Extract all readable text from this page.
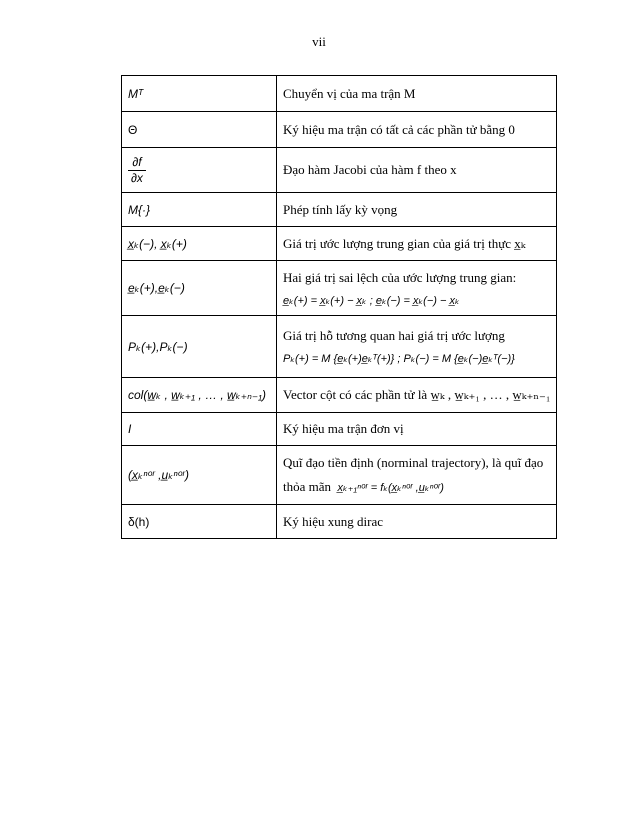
vii
Mᵀ	Chuyển vị của ma trận M
Θ	Ký hiệu ma trận có tất cả các phần tử bằng 0

$\frac{\partial f}{\partial x}$	Đạo hàm Jacobi của hàm f theo x
M{·}	Phép tính lấy kỳ vọng
x̲ₖ(−), x̲ₖ(+)	Giá trị ước lượng trung gian của giá trị thực x̲ₖ
e̲ₖ(+),e̲ₖ(−)	Hai giá trị sai lệch của ước lượng trung gian:
e̲ₖ(+) = x̲ₖ(+) − x̲ₖ ; e̲ₖ(−) = x̲ₖ(−) − x̲ₖ

Pₖ(+),Pₖ(−)	Giá trị hỗ tương quan hai giá trị ước lượng
Pₖ(+) = M {e̲ₖ(+)e̲ₖᵀ(+)} ; Pₖ(−) = M {e̲ₖ(−)e̲ₖᵀ(−)}

col(w̲ₖ , w̲ₖ₊₁ , … , w̲ₖ₊ₙ₋₁)	Vector cột có các phần tử là w̲ₖ , w̲ₖ₊₁ , … , w̲ₖ₊ₙ₋₁
I	Ký hiệu ma trận đơn vị
(x̲ₖⁿᵒʳ ,u̲ₖⁿᵒʳ)	Quĩ đạo tiền định (norminal trajectory), là quĩ đạo
thỏa mãn x̲ₖ₊₁ⁿᵒʳ = fₖ(x̲ₖⁿᵒʳ ,u̲ₖⁿᵒʳ)

δ(h)	Ký hiệu xung dirac
